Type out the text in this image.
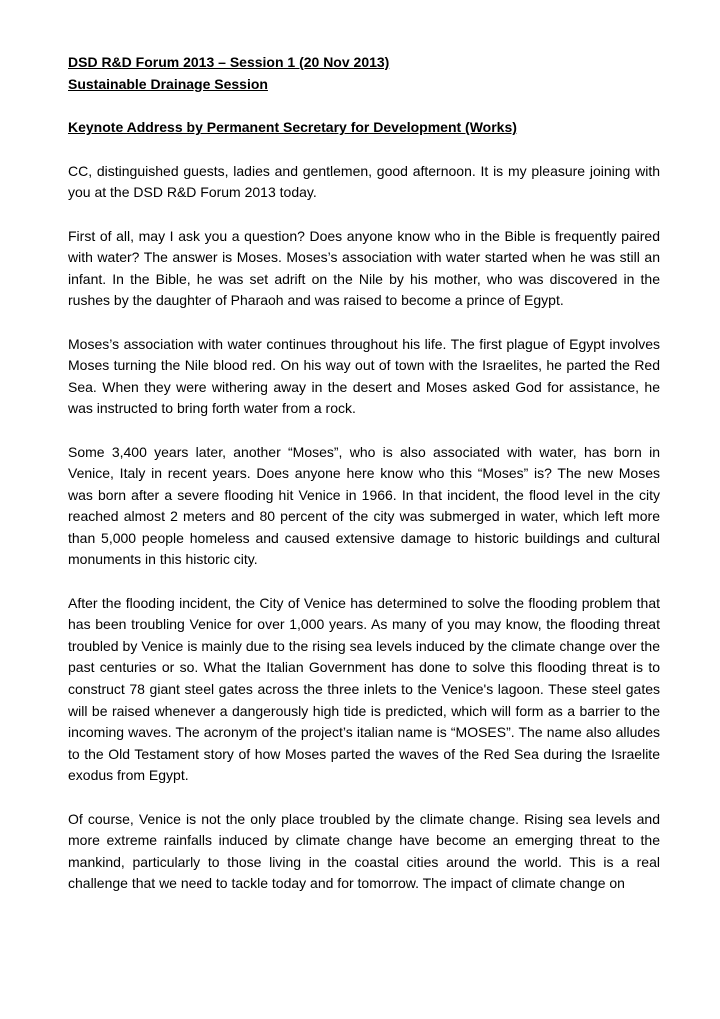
DSD R&D Forum 2013 – Session 1 (20 Nov 2013)

Sustainable Drainage Session

Keynote Address by Permanent Secretary for Development (Works)

CC, distinguished guests, ladies and gentlemen, good afternoon. It is my pleasure joining with you at the DSD R&D Forum 2013 today.

First of all, may I ask you a question? Does anyone know who in the Bible is frequently paired with water? The answer is Moses. Moses’s association with water started when he was still an infant. In the Bible, he was set adrift on the Nile by his mother, who was discovered in the rushes by the daughter of Pharaoh and was raised to become a prince of Egypt.

Moses’s association with water continues throughout his life. The first plague of Egypt involves Moses turning the Nile blood red. On his way out of town with the Israelites, he parted the Red Sea. When they were withering away in the desert and Moses asked God for assistance, he was instructed to bring forth water from a rock.

Some 3,400 years later, another “Moses”, who is also associated with water, has born in Venice, Italy in recent years. Does anyone here know who this “Moses” is? The new Moses was born after a severe flooding hit Venice in 1966. In that incident, the flood level in the city reached almost 2 meters and 80 percent of the city was submerged in water, which left more than 5,000 people homeless and caused extensive damage to historic buildings and cultural monuments in this historic city.

After the flooding incident, the City of Venice has determined to solve the flooding problem that has been troubling Venice for over 1,000 years. As many of you may know, the flooding threat troubled by Venice is mainly due to the rising sea levels induced by the climate change over the past centuries or so. What the Italian Government has done to solve this flooding threat is to construct 78 giant steel gates across the three inlets to the Venice's lagoon. These steel gates will be raised whenever a dangerously high tide is predicted, which will form as a barrier to the incoming waves. The acronym of the project’s italian name is “MOSES”. The name also alludes to the Old Testament story of how Moses parted the waves of the Red Sea during the Israelite exodus from Egypt.

Of course, Venice is not the only place troubled by the climate change. Rising sea levels and more extreme rainfalls induced by climate change have become an emerging threat to the mankind, particularly to those living in the coastal cities around the world. This is a real challenge that we need to tackle today and for tomorrow. The impact of climate change on
